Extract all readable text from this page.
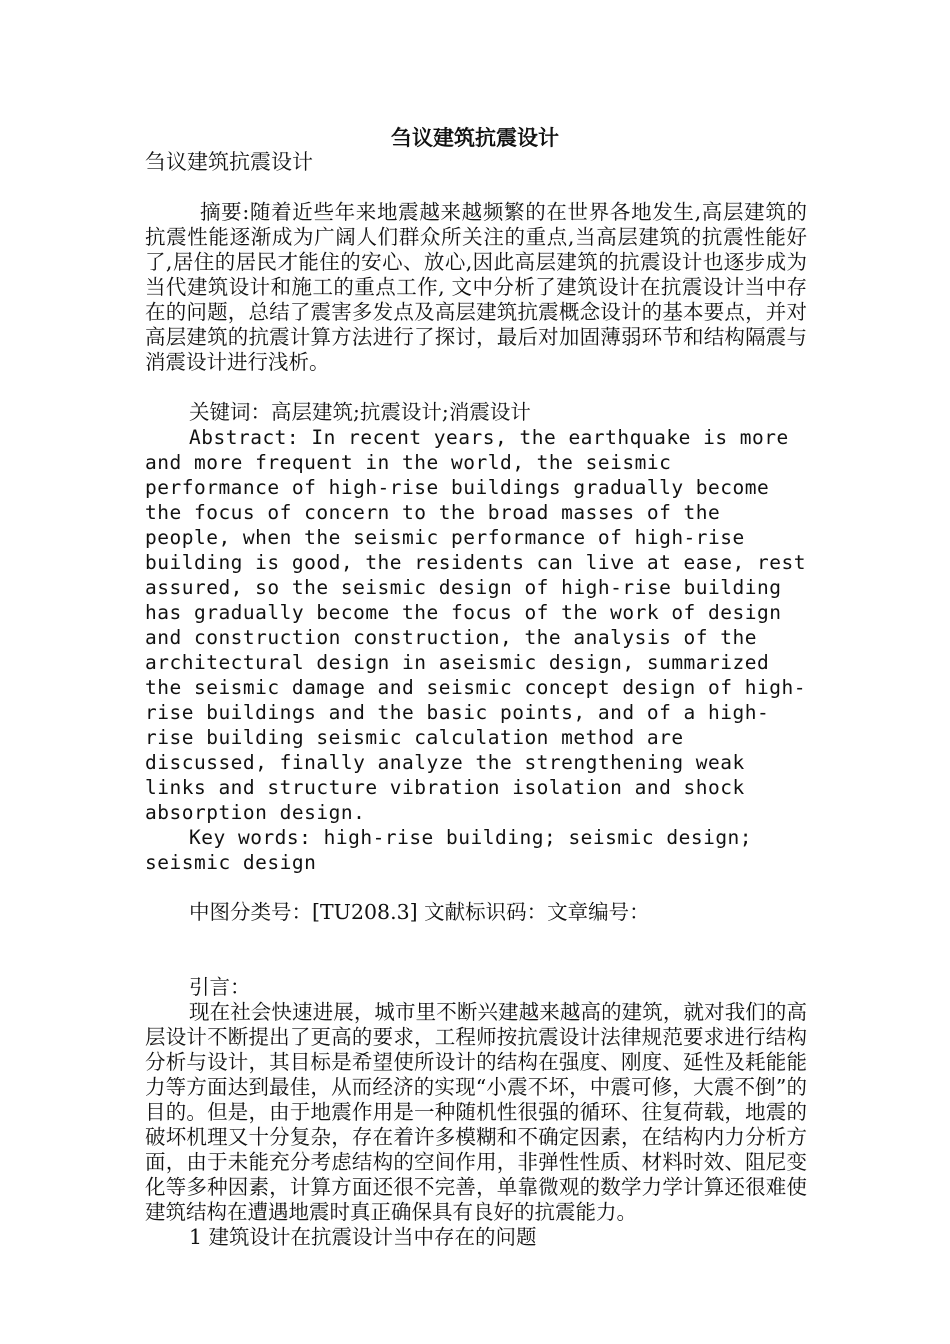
刍议建筑抗震设计

刍议建筑抗震设计

摘要:随着近些年来地震越来越频繁的在世界各地发生,高层建筑的抗震性能逐渐成为广阔人们群众所关注的重点,当高层建筑的抗震性能好了,居住的居民才能住的安心、放心,因此高层建筑的抗震设计也逐步成为当代建筑设计和施工的重点工作, 文中分析了建筑设计在抗震设计当中存在的问题，总结了震害多发点及高层建筑抗震概念设计的基本要点，并对高层建筑的抗震计算方法进行了探讨，最后对加固薄弱环节和结构隔震与消震设计进行浅析。

关键词：高层建筑;抗震设计;消震设计

Abstract: In recent years, the earthquake is more and more frequent in the world, the seismic performance of high-rise buildings gradually become the focus of concern to the broad masses of the people, when the seismic performance of high-rise building is good, the residents can live at ease, rest assured, so the seismic design of high-rise building has gradually become the focus of the work of design and construction construction, the analysis of the architectural design in aseismic design, summarized the seismic damage and seismic concept design of high-rise buildings and the basic points, and of a high-rise building seismic calculation method are discussed, finally analyze the strengthening weak links and structure vibration isolation and shock absorption design.

Key words: high-rise building; seismic design; seismic design

中图分类号：[TU208.3] 文献标识码：文章编号：

引言：

现在社会快速进展，城市里不断兴建越来越高的建筑，就对我们的高层设计不断提出了更高的要求，工程师按抗震设计法律规范要求进行结构分析与设计，其目标是希望使所设计的结构在强度、刚度、延性及耗能能力等方面达到最佳，从而经济的实现“小震不坏，中震可修，大震不倒”的目的。但是，由于地震作用是一种随机性很强的循环、往复荷载，地震的破坏机理又十分复杂，存在着许多模糊和不确定因素，在结构内力分析方面，由于未能充分考虑结构的空间作用，非弹性性质、材料时效、阻尼变化等多种因素，计算方面还很不完善，单靠微观的数学力学计算还很难使建筑结构在遭遇地震时真正确保具有良好的抗震能力。

1 建筑设计在抗震设计当中存在的问题
